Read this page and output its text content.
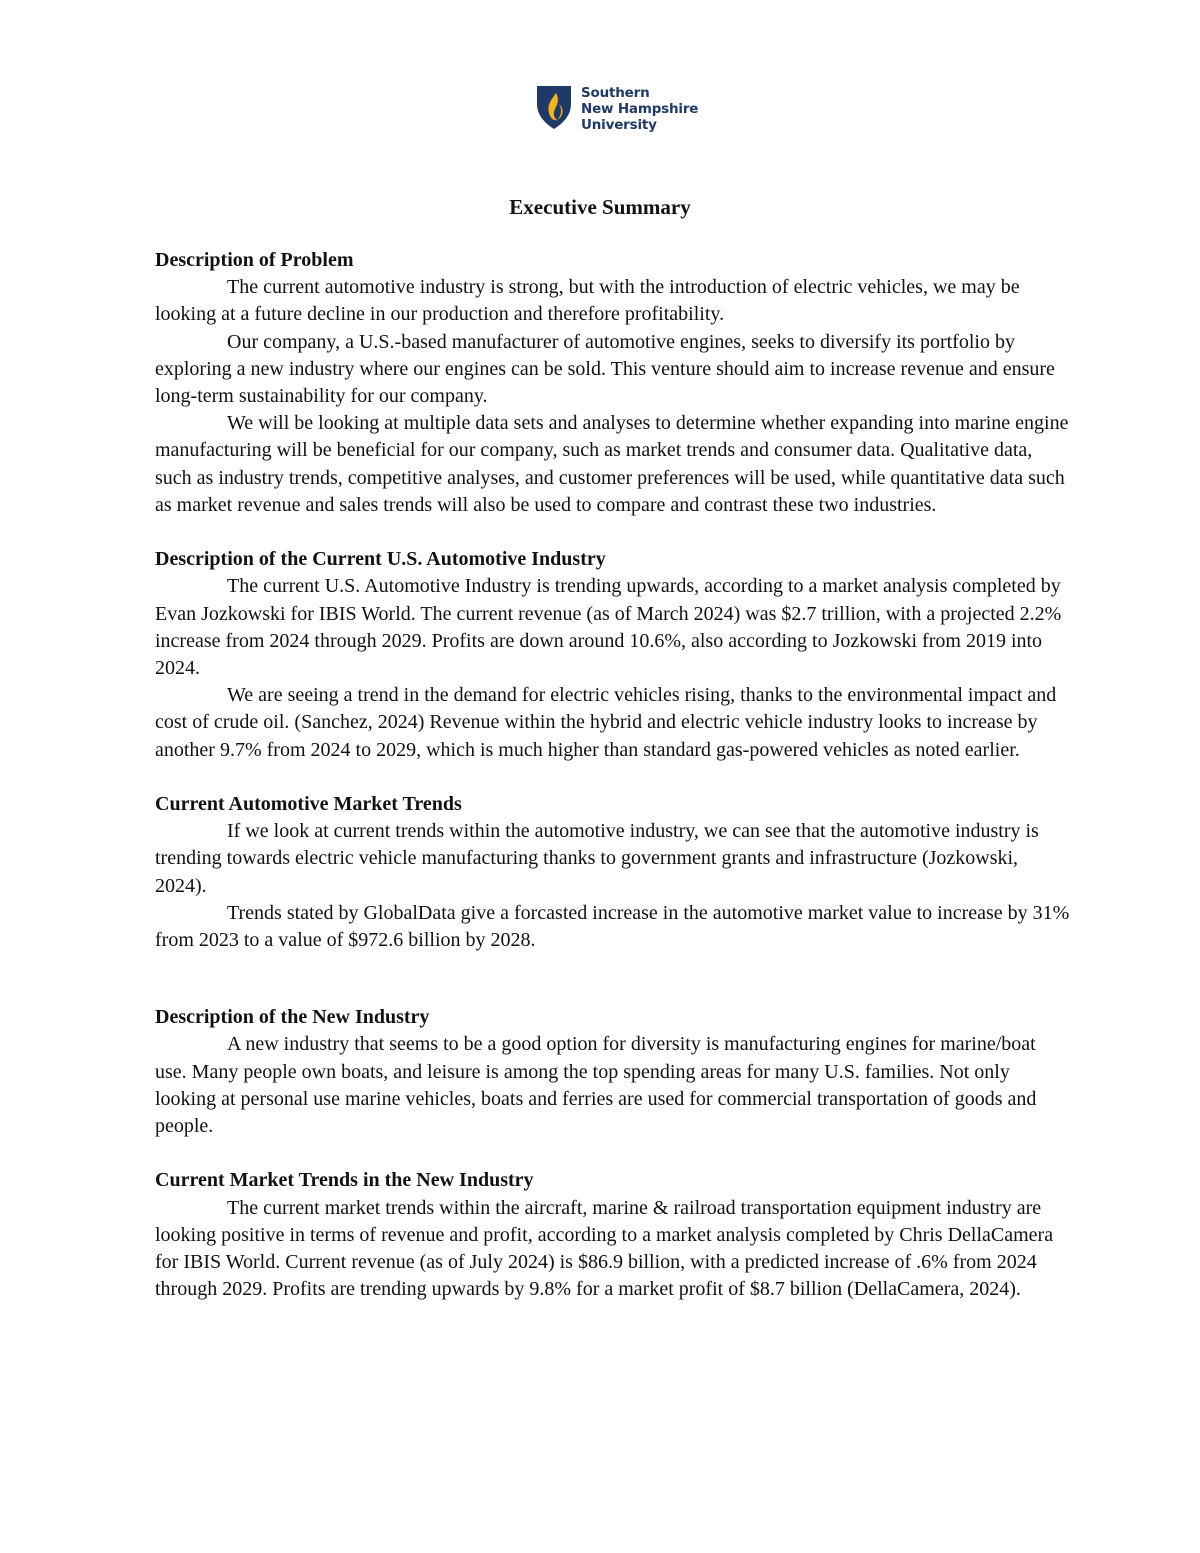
Southern
New Hampshire
University
Executive Summary

Description of Problem

The current automotive industry is strong, but with the introduction of electric vehicles, we may be looking at a future decline in our production and therefore profitability.

Our company, a U.S.-based manufacturer of automotive engines, seeks to diversify its portfolio by exploring a new industry where our engines can be sold. This venture should aim to increase revenue and ensure long-term sustainability for our company.

We will be looking at multiple data sets and analyses to determine whether expanding into marine engine manufacturing will be beneficial for our company, such as market trends and consumer data. Qualitative data, such as industry trends, competitive analyses, and customer preferences will be used, while quantitative data such as market revenue and sales trends will also be used to compare and contrast these two industries.

Description of the Current U.S. Automotive Industry

The current U.S. Automotive Industry is trending upwards, according to a market analysis completed by Evan Jozkowski for IBIS World. The current revenue (as of March 2024) was $2.7 trillion, with a projected 2.2% increase from 2024 through 2029. Profits are down around 10.6%, also according to Jozkowski from 2019 into 2024.

We are seeing a trend in the demand for electric vehicles rising, thanks to the environmental impact and cost of crude oil. (Sanchez, 2024) Revenue within the hybrid and electric vehicle industry looks to increase by another 9.7% from 2024 to 2029, which is much higher than standard gas-powered vehicles as noted earlier.

Current Automotive Market Trends

If we look at current trends within the automotive industry, we can see that the automotive industry is trending towards electric vehicle manufacturing thanks to government grants and infrastructure (Jozkowski, 2024).

Trends stated by GlobalData give a forcasted increase in the automotive market value to increase by 31% from 2023 to a value of $972.6 billion by 2028.

Description of the New Industry

A new industry that seems to be a good option for diversity is manufacturing engines for marine/boat use. Many people own boats, and leisure is among the top spending areas for many U.S. families. Not only looking at personal use marine vehicles, boats and ferries are used for commercial transportation of goods and people.

Current Market Trends in the New Industry

The current market trends within the aircraft, marine & railroad transportation equipment industry are looking positive in terms of revenue and profit, according to a market analysis completed by Chris DellaCamera for IBIS World. Current revenue (as of July 2024) is $86.9 billion, with a predicted increase of .6% from 2024 through 2029. Profits are trending upwards by 9.8% for a market profit of $8.7 billion (DellaCamera, 2024).
